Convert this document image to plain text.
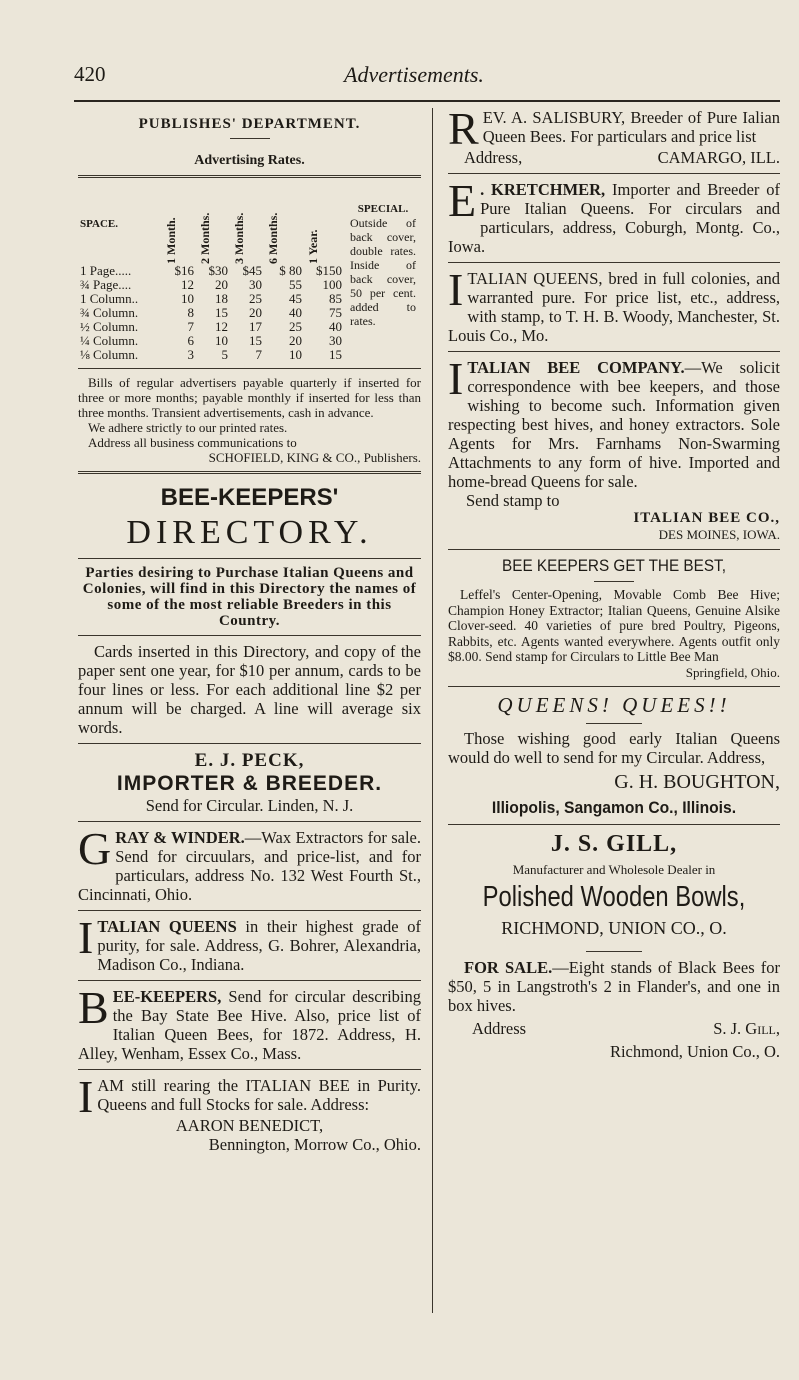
420	Advertisements.
PUBLISHES' DEPARTMENT.
Advertising Rates.
SPACE.	1 Month.	2 Months.	3 Months.	6 Months.	1 Year.	SPECIAL.
Outside of back cover, double rates. Inside of back cover, 50 per cent. added to rates.

1 Page.....	$16	$30	$45	$ 80	$150	
¾ Page....	12	20	30	55	100	
1 Column..	10	18	25	45	85	
¾ Column.	8	15	20	40	75	
½ Column.	7	12	17	25	40	
¼ Column.	6	10	15	20	30	
⅛ Column.	3	5	7	10	15	
Bills of regular advertisers payable quarterly if inserted for three or more months; payable monthly if inserted for less than three months. Transient advertisements, cash in advance.
We adhere strictly to our printed rates.
Address all business communications to
SCHOFIELD, KING & CO., Publishers.
BEE-KEEPERS'
DIRECTORY.
Parties desiring to Purchase Italian Queens and Colonies, will find in this Directory the names of some of the most reliable Breeders in this Country.
Cards inserted in this Directory, and copy of the paper sent one year, for $10 per annum, cards to be four lines or less. For each additional line $2 per annum will be charged. A line will average six words.
E. J. PECK,
IMPORTER & BREEDER.
Send for Circular. Linden, N. J.
GRAY & WINDER.—Wax Extractors for sale. Send for circuulars, and price-list, and for particulars, address No. 132 West Fourth St., Cincinnati, Ohio.
ITALIAN QUEENS in their highest grade of purity, for sale. Address, G. Bohrer, Alexandria, Madison Co., Indiana.
BEE-KEEPERS, Send for circular describing the Bay State Bee Hive. Also, price list of Italian Queen Bees, for 1872. Address, H. Alley, Wenham, Essex Co., Mass.
IAM still rearing the ITALIAN BEE in Purity. Queens and full Stocks for sale. Address:
AARON BENEDICT,
Bennington, Morrow Co., Ohio.
REV. A. SALISBURY, Breeder of Pure Ialian Queen Bees. For particulars and price list
Address,	CAMARGO, ILL.
E . KRETCHMER, Importer and Breeder of Pure Italian Queens. For circulars and particulars, address, Coburgh, Montg. Co., Iowa.
ITALIAN QUEENS, bred in full colonies, and warranted pure. For price list, etc., address, with stamp, to T. H. B. Woody, Manchester, St. Louis Co., Mo.
ITALIAN BEE COMPANY.—We solicit correspondence with bee keepers, and those wishing to become such. Information given respecting best hives, and honey extractors. Sole Agents for Mrs. Farnhams Non-Swarming Attachments to any form of hive. Imported and home-bread Queens for sale.
Send stamp to
ITALIAN BEE CO.,
DES MOINES, IOWA.
BEE KEEPERS GET THE BEST,
Leffel's Center-Opening, Movable Comb Bee Hive; Champion Honey Extractor; Italian Queens, Genuine Alsike Clover-seed. 40 varieties of pure bred Poultry, Pigeons, Rabbits, etc. Agents wanted everywhere. Agents outfit only $8.00. Send stamp for Circulars to Little Bee Man
Springfield, Ohio.
QUEENS! QUEES!!
Those wishing good early Italian Queens would do well to send for my Circular. Address,
G. H. BOUGHTON,
Illiopolis, Sangamon Co., Illinois.
J. S. GILL,
Manufacturer and Wholesole Dealer in
Polished Wooden Bowls,
RICHMOND, UNION CO., O.
FOR SALE.—Eight stands of Black Bees for $50, 5 in Langstroth's 2 in Flander's, and one in box hives.
Address	S. J. Gill,
Richmond, Union Co., O.
